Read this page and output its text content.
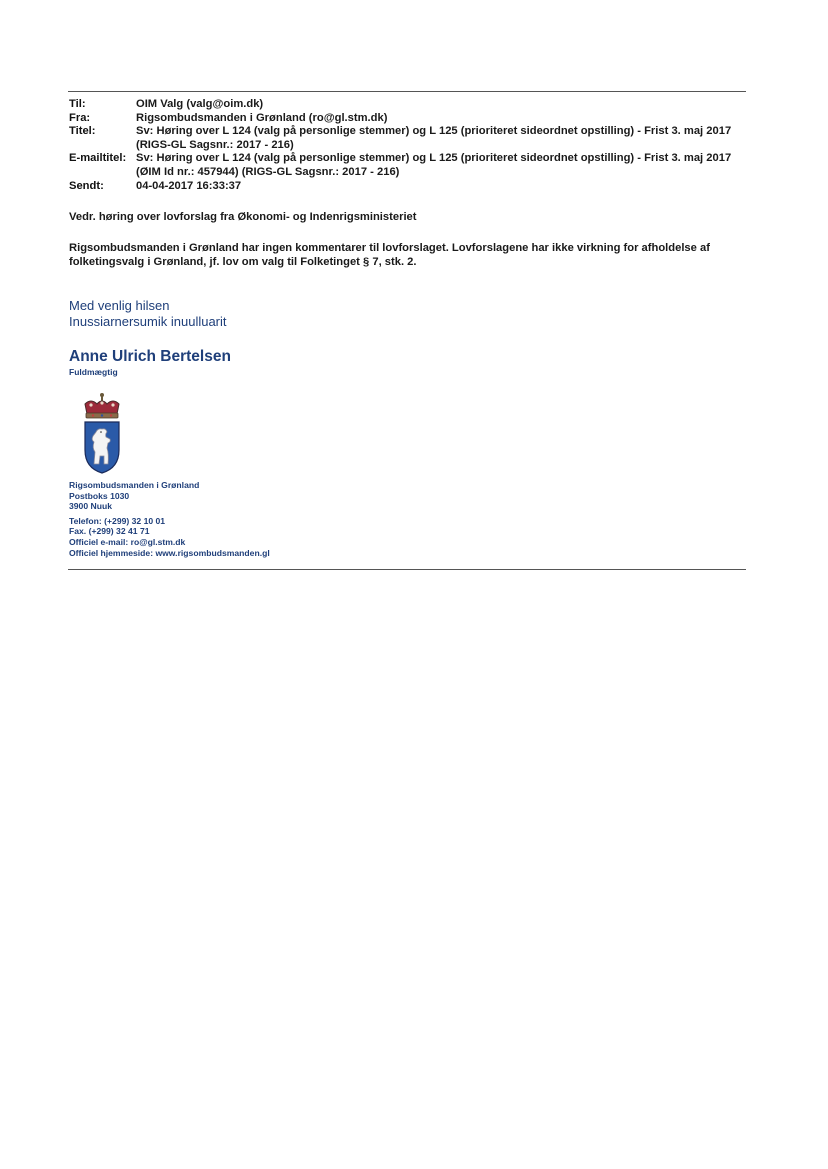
Til:	OIM Valg (valg@oim.dk)
Fra:	Rigsombudsmanden i Grønland (ro@gl.stm.dk)
Titel:	Sv: Høring over L 124 (valg på personlige stemmer) og L 125 (prioriteret sideordnet opstilling) - Frist 3. maj 2017
(RIGS-GL Sagsnr.: 2017 - 216)
E-mailtitel: Sv: Høring over L 124 (valg på personlige stemmer) og L 125 (prioriteret sideordnet opstilling) - Frist 3. maj 2017
(ØIM Id nr.: 457944) (RIGS-GL Sagsnr.: 2017 - 216)
Sendt:	04-04-2017 16:33:37
Vedr. høring over lovforslag fra Økonomi- og Indenrigsministeriet
Rigsombudsmanden i Grønland har ingen kommentarer til lovforslaget. Lovforslagene har ikke virkning for afholdelse af
folketingsvalg i Grønland, jf. lov om valg til Folketinget § 7, stk. 2.
Med venlig hilsen
Inussiarnersumik inuulluarit
Anne Ulrich Bertelsen
Fuldmægtig
Rigsombudsmanden i Grønland
Postboks 1030
3900 Nuuk
Telefon: (+299) 32 10 01
Fax. (+299) 32 41 71
Officiel e-mail: ro@gl.stm.dk
Officiel hjemmeside: www.rigsombudsmanden.gl
